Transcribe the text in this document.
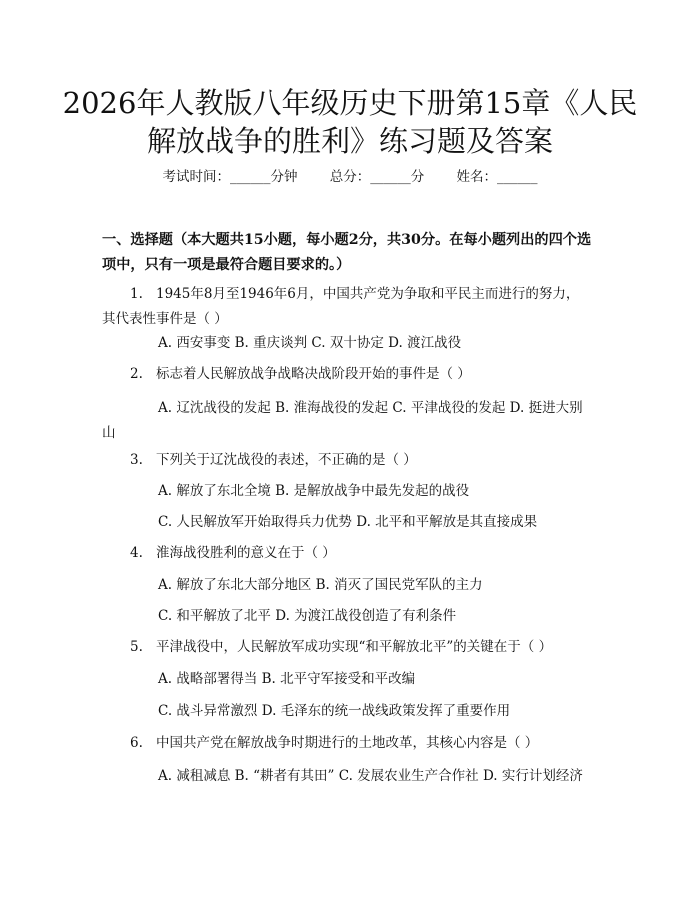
2026年人教版八年级历史下册第15章《人民解放战争的胜利》练习题及答案
考试时间：______分钟 总分：______分 姓名：______
一、选择题（本大题共15小题，每小题2分，共30分。在每小题列出的四个选项中，只有一项是最符合题目要求的。）
1. 1945年8月至1946年6月，中国共产党为争取和平民主而进行的努力，其代表性事件是（ ）
A. 西安事变 B. 重庆谈判 C. 双十协定 D. 渡江战役
2. 标志着人民解放战争战略决战阶段开始的事件是（ ）
A. 辽沈战役的发起 B. 淮海战役的发起 C. 平津战役的发起 D. 挺进大别山
3. 下列关于辽沈战役的表述，不正确的是（ ）
A. 解放了东北全境 B. 是解放战争中最先发起的战役
C. 人民解放军开始取得兵力优势 D. 北平和平解放是其直接成果
4. 淮海战役胜利的意义在于（ ）
A. 解放了东北大部分地区 B. 消灭了国民党军队的主力
C. 和平解放了北平 D. 为渡江战役创造了有利条件
5. 平津战役中，人民解放军成功实现“和平解放北平”的关键在于（ ）
A. 战略部署得当 B. 北平守军接受和平改编
C. 战斗异常激烈 D. 毛泽东的统一战线政策发挥了重要作用
6. 中国共产党在解放战争时期进行的土地改革，其核心内容是（ ）
A. 减租减息 B. “耕者有其田” C. 发展农业生产合作社 D. 实行计划经济
